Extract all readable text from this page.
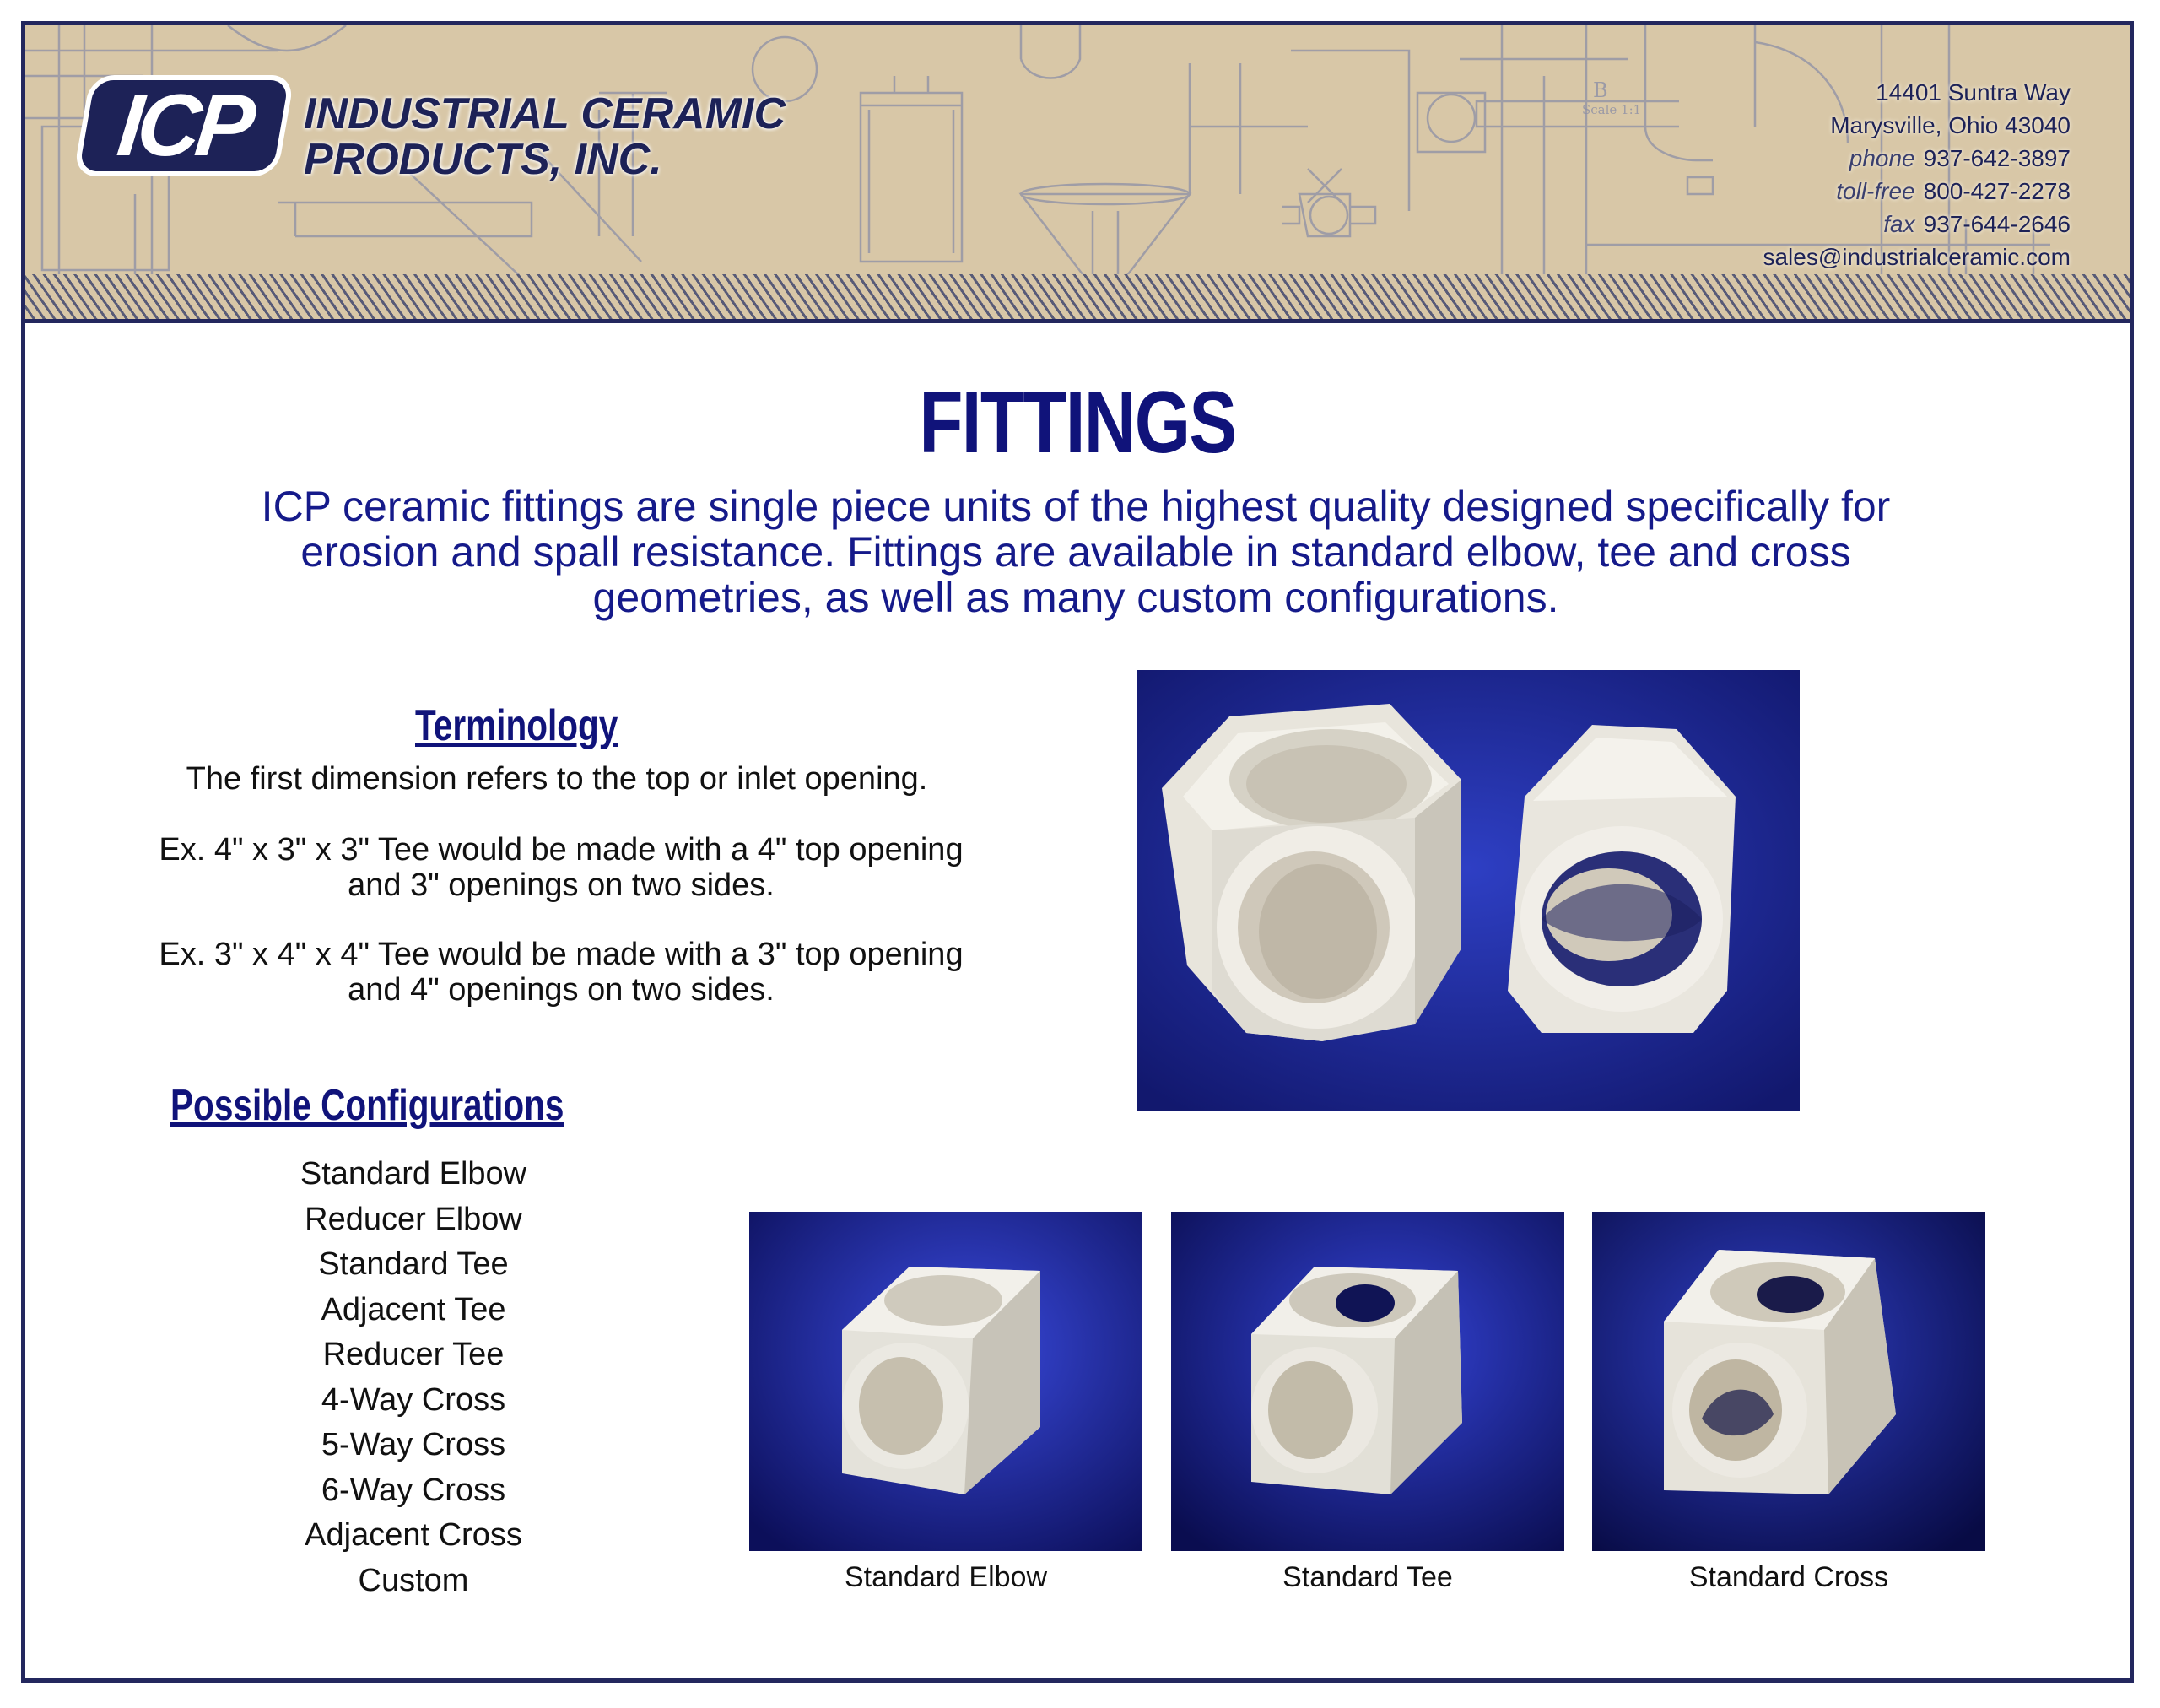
B
Scale 1:1
ICP	INDUSTRIAL CERAMIC
PRODUCTS, INC.
14401 Suntra Way
Marysville, Ohio 43040
phone 937-642-3897
toll-free 800-427-2278
fax 937-644-2646
sales@industrialceramic.com
FITTINGS
ICP ceramic fittings are single piece units of the highest quality designed specifically for erosion and spall resistance. Fittings are available in standard elbow, tee and cross geometries, as well as many custom configurations.
Terminology
The first dimension refers to the top or inlet opening.
Ex. 4" x 3" x 3" Tee would be made with a 4" top opening and 3" openings on two sides.
Ex. 3" x 4" x 4" Tee would be made with a 3" top opening and 4" openings on two sides.
Possible Configurations
Standard Elbow
Reducer Elbow
Standard Tee
Adjacent Tee
Reducer Tee
4-Way Cross
5-Way Cross
6-Way Cross
Adjacent Cross
Custom	Standard Elbow	Standard Tee	Standard Cross
